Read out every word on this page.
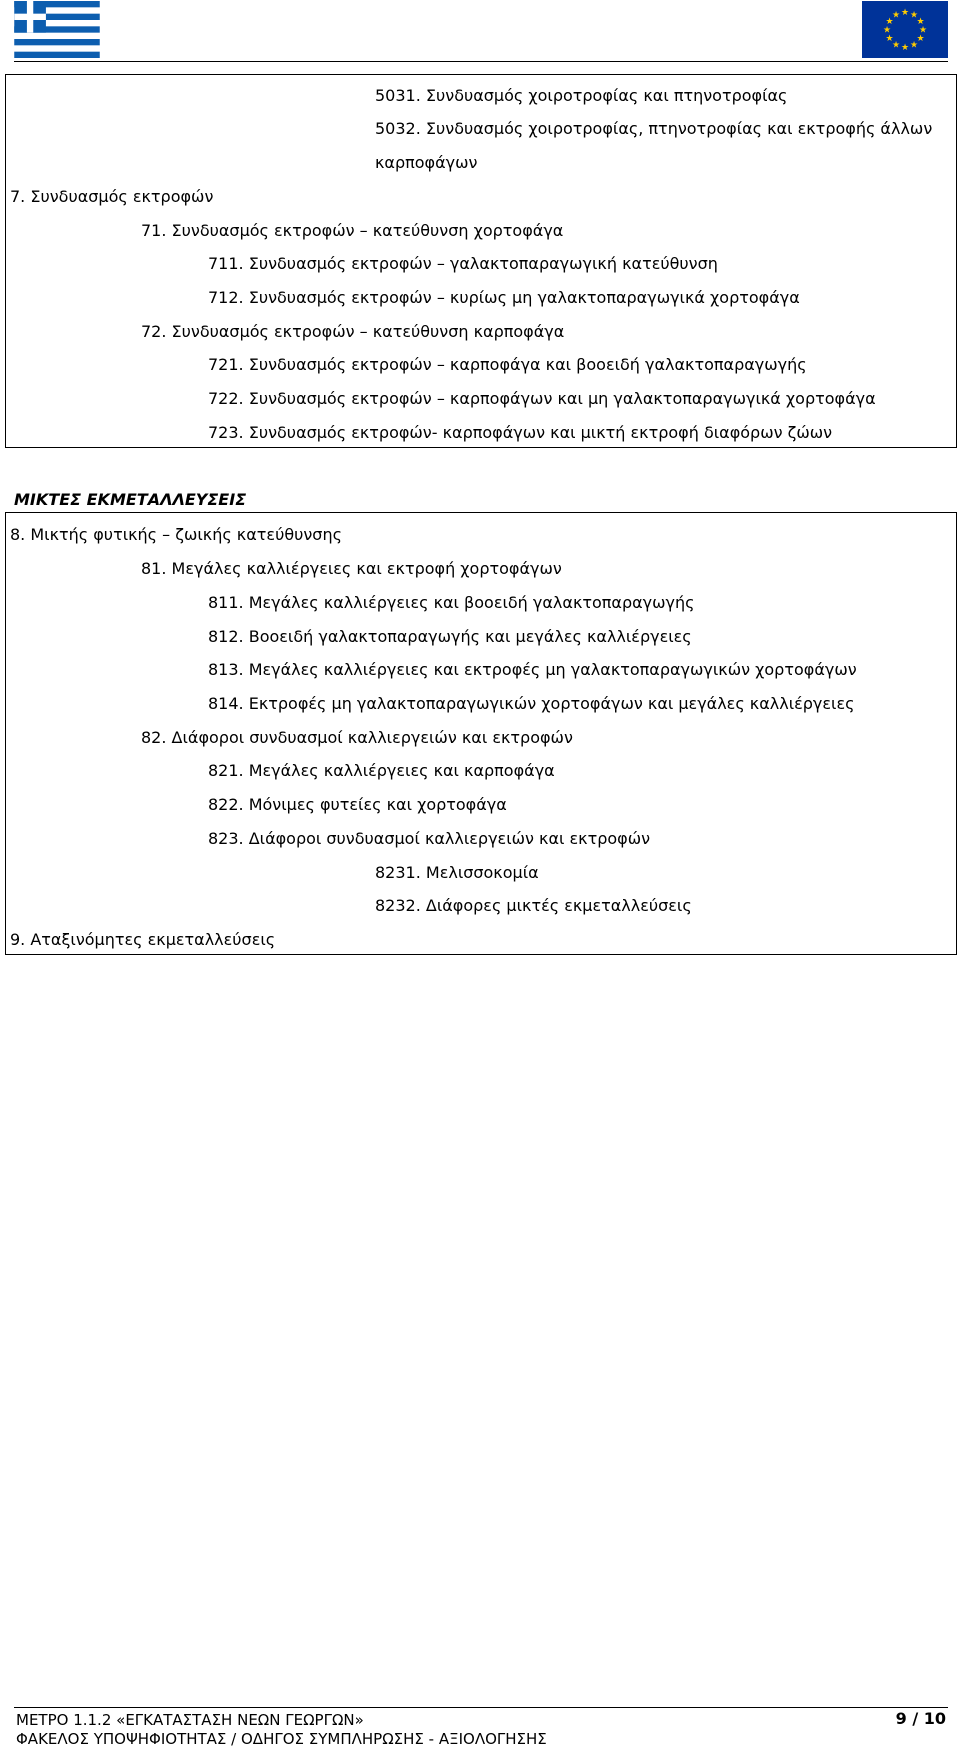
★ ★
★
★
★
★
★
★
★
★
★
★
5031. Συνδυασμός χοιροτροφίας και πτηνοτροφίας
5032. Συνδυασμός χοιροτροφίας, πτηνοτροφίας και εκτροφής άλλων
καρποφάγων
7. Συνδυασμός εκτροφών
71. Συνδυασμός εκτροφών – κατεύθυνση χορτοφάγα
711. Συνδυασμός εκτροφών – γαλακτοπαραγωγική κατεύθυνση
712. Συνδυασμός εκτροφών – κυρίως μη γαλακτοπαραγωγικά χορτοφάγα
72. Συνδυασμός εκτροφών – κατεύθυνση καρποφάγα
721. Συνδυασμός εκτροφών – καρποφάγα και βοοειδή γαλακτοπαραγωγής
722. Συνδυασμός εκτροφών – καρποφάγων και μη γαλακτοπαραγωγικά χορτοφάγα
723. Συνδυασμός εκτροφών- καρποφάγων και μικτή εκτροφή διαφόρων ζώων
ΜΙΚΤΕΣ ΕΚΜΕΤΑΛΛΕΥΣΕΙΣ
8. Μικτής φυτικής – ζωικής κατεύθυνσης
81. Μεγάλες καλλιέργειες και εκτροφή χορτοφάγων
811. Μεγάλες καλλιέργειες και βοοειδή γαλακτοπαραγωγής
812. Βοοειδή γαλακτοπαραγωγής και μεγάλες καλλιέργειες
813. Μεγάλες καλλιέργειες και εκτροφές μη γαλακτοπαραγωγικών χορτοφάγων
814. Εκτροφές μη γαλακτοπαραγωγικών χορτοφάγων και μεγάλες καλλιέργειες
82. Διάφοροι συνδυασμοί καλλιεργειών και εκτροφών
821. Μεγάλες καλλιέργειες και καρποφάγα
822. Μόνιμες φυτείες και χορτοφάγα
823. Διάφοροι συνδυασμοί καλλιεργειών και εκτροφών
8231. Μελισσοκομία
8232. Διάφορες μικτές εκμεταλλεύσεις
9. Αταξινόμητες εκμεταλλεύσεις
ΜΕΤΡΟ 1.1.2 «ΕΓΚΑΤΑΣΤΑΣΗ ΝΕΩΝ ΓΕΩΡΓΩΝ»
ΦΑΚΕΛΟΣ ΥΠΟΨΗΦΙΟΤΗΤΑΣ / ΟΔΗΓΟΣ ΣΥΜΠΛΗΡΩΣΗΣ - ΑΞΙΟΛΟΓΗΣΗΣ
9 / 10
